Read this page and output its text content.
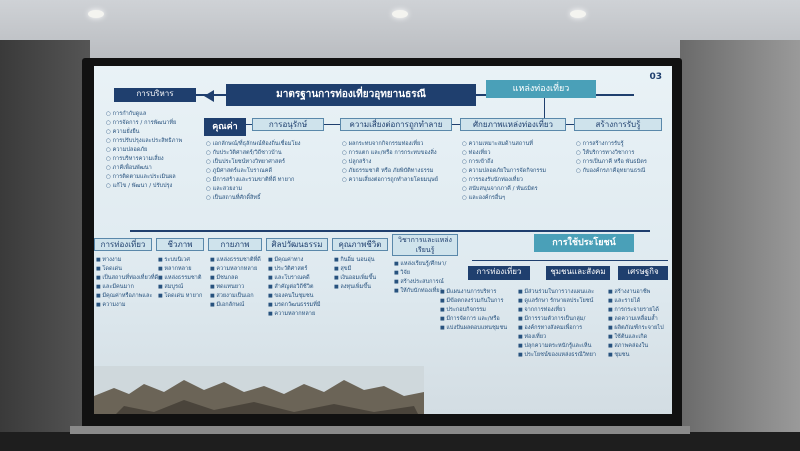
03
การบริหาร	มาตรฐานการท่องเที่ยวอุทยานธรณี	แหล่งท่องเที่ยว
○ การกำกับดูแล
○ การจัดการ / การพัฒนาที่ย
○ ความยั่งยืน
○ การปรับปรุงและประสิทธิภาพ
○ ความปลอดภัย
○ การบริหารความเสี่ยง
○ ภาคีเพื่อนพัฒนา
○ การติดตามและประเมินผล
○ แก้ไข / พัฒนา / ปรับปรุง
คุณค่า	การอนุรักษ์	ความเสี่ยงต่อการถูกทำลาย	ศักยภาพแหล่งท่องเที่ยว	สร้างการรับรู้
○ เอกลักษณ์/ที่ธุลักษณ์ท้องถิ่นเชื่อมโยง
○ กับประวัติศาสตร์/วิถีชาวบ้าน
○ เป็นประโยชน์ทางวิทยาศาสตร์
○ ภูมิศาสตร์และโบราณคดี
○ มีการสร้างและรวมขาติที่ดี ทายาก
○ และสวยงาม
○ เป็นสถานที่ศักดิ์สิทธิ์
○ ผลกระทบจากกิจกรรมท่องเที่ยว
○ การแตก และ/หรือ การกระทบของสิ่ง
○ ปลูกสร้าง
○ ภัยธรรมชาติ หรือ ภัยพิบัติทางธรรม
○ ความเสี่ยงต่อการถูกทำลายโดยมนุษย์
○ ความเหมาะสมด้านสถานที่
○ ท่องเที่ยว
○ การเข้าถึง
○ ความปลอดภัยในการจัดกิจกรรม
○ การรองรับนักท่องเที่ยว
○ สนับสนุนจากภาคี / พันธมิตร
○ และองค์กรอื่นๆ
○ การสร้างการรับรู้
○ ให้บริการทางวิชาการ
○ การเป็นภาคี หรือ พันธมิตร
○ กับองค์กรภาคีอุทยานธรณี
การท่องเที่ยว	ชีวภาพ	กายภาพ	ศิลปวัฒนธรรม	คุณภาพชีวิต	วิชาการและแหล่งเรียนรู้
■ ทางงาม
■ โดดเด่น
■ เป็นสถานที่ท่องเที่ยวที่ดี
■ และมีคนมาก
■ มีคุณค่าหรือภาพและ
■ ความงาม
■ ระบบนิเวศ
■ หลากหลาย
■ แหล่งธรรมชาติ
■ สมบูรณ์
■ โดดเด่น หายาก
■ แหล่งธรรมชาติที่ดี
■ ความหลากหลาย
■ มีชนกลด
■ ทดแทนยาว
■ สวยงามเป็นเอก
■ มีเอกลักษณ์
■ มีคุณค่าทาง
■ ประวัติศาสตร์
■ และโบราณคดี
■ สำคัญต่อวิถีชีวิต
■ ของคนในชุมชน
■ มรดกวัฒนธรรมที่มี
■ ความหลากหลาย
■ กินอิ่ม นอนอุ่น
■ สุขมี
■ เงินออมเพิ่มขึ้น
■ ลงทุนเพิ่มขึ้น
■ แหล่งเรียนรู้/ศึกษา/
■ วิจัย
■ สร้างประสบการณ์
■ ให้กับนักท่องเที่ยว
การใช้ประโยชน์
การท่องเที่ยว	ชุมชนและสังคม	เศรษฐกิจ
■ มีแผนงานการบริหาร
■ มีข้อตกลงร่วมกันในการ
■ ประกอบกิจกรรม
■ มีการจัดการ และ/หรือ
■ แบ่งปันผลตอบแทนชุมชน
■ มีส่วนร่วมในการวางแผนและ
■ ดูแลรักษา รักษาผลประโยชน์
■ จากการท่องเที่ยว
■ มีการรวมตัวการเป็นกลุ่ม/
■ องค์กรทางสังคมเพื่อการ
■ ท่องเที่ยว
■ ปลุกความตระหนักรู้และเห็น
■ ประโยชน์ของแหล่งธรณีวิทยา
■ สร้างงานอาชีพ
■ และรายได้
■ การกระจายรายได้
■ ลดความเหลื่อมล้ำ
■ ผลิตภัณฑ์กระจายไป
■ ใช้ต้นและเกิด
■ สภาพคล่องใน
■ ชุมชน
